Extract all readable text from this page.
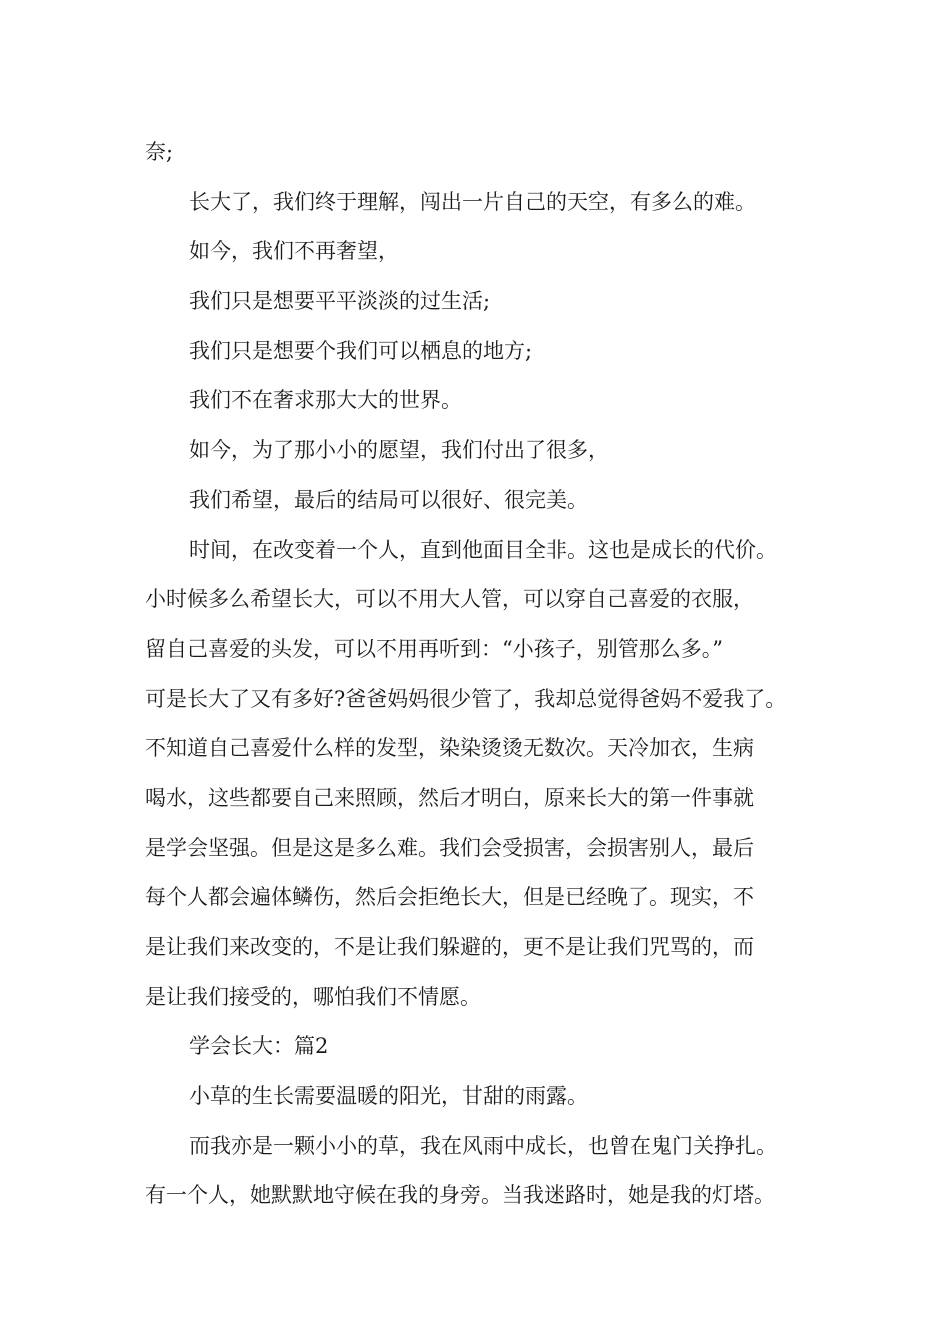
奈;
长大了，我们终于理解，闯出一片自己的天空，有多么的难。
如今，我们不再奢望，
我们只是想要平平淡淡的过生活;
我们只是想要个我们可以栖息的地方;
我们不在奢求那大大的世界。
如今，为了那小小的愿望，我们付出了很多，
我们希望，最后的结局可以很好、很完美。
时间，在改变着一个人，直到他面目全非。这也是成长的代价。
小时候多么希望长大，可以不用大人管，可以穿自己喜爱的衣服，
留自己喜爱的头发，可以不用再听到：“小孩子，别管那么多。”
可是长大了又有多好?爸爸妈妈很少管了，我却总觉得爸妈不爱我了。
不知道自己喜爱什么样的发型，染染烫烫无数次。天冷加衣，生病
喝水，这些都要自己来照顾，然后才明白，原来长大的第一件事就
是学会坚强。但是这是多么难。我们会受损害，会损害别人，最后
每个人都会遍体鳞伤，然后会拒绝长大，但是已经晚了。现实，不
是让我们来改变的，不是让我们躲避的，更不是让我们咒骂的，而
是让我们接受的，哪怕我们不情愿。
学会长大：篇2
小草的生长需要温暖的阳光，甘甜的雨露。
而我亦是一颗小小的草，我在风雨中成长，也曾在鬼门关挣扎。
有一个人，她默默地守候在我的身旁。当我迷路时，她是我的灯塔。
